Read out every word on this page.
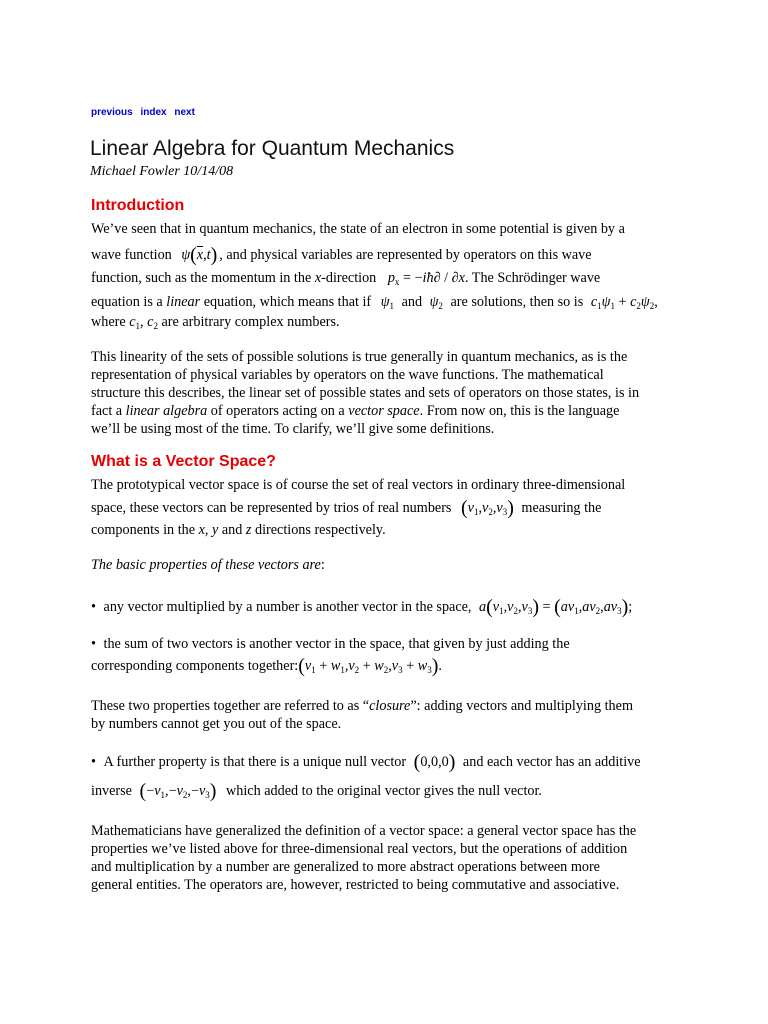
previous index next
Linear Algebra for Quantum Mechanics
Michael Fowler 10/14/08
Introduction
We’ve seen that in quantum mechanics, the state of an electron in some potential is given by a
wave function $\psi(\overline{x},t)$ , and physical variables are represented by operators on this wave
function, such as the momentum in the x-direction $p_x$ = −iħ∂ / ∂x. The Schrödinger wave
equation is a linear equation, which means that if $\psi_1$ and $\psi_2$ are solutions, then so is $c_1\psi_1 + c_2\psi_2$,
where $c_1$, $c_2$ are arbitrary complex numbers.
This linearity of the sets of possible solutions is true generally in quantum mechanics, as is the
representation of physical variables by operators on the wave functions. The mathematical
structure this describes, the linear set of possible states and sets of operators on those states, is in
fact a linear algebra of operators acting on a vector space. From now on, this is the language
we’ll be using most of the time. To clarify, we’ll give some definitions.
What is a Vector Space?
The prototypical vector space is of course the set of real vectors in ordinary three-dimensional
space, these vectors can be represented by trios of real numbers $(v_1,v_2,v_3)$ measuring the
components in the x, y and z directions respectively.
The basic properties of these vectors are:
• any vector multiplied by a number is another vector in the space, $a(v_1,v_2,v_3) = (av_1,av_2,av_3)$;
• the sum of two vectors is another vector in the space, that given by just adding the
corresponding components $together:(v_1 + w_1,v_2 + w_2,v_3 + w_3)$.
These two properties together are referred to as “closure”: adding vectors and multiplying them
by numbers cannot get you out of the space.
• A further property is that there is a unique null vector (0,0,0) and each vector has an additive
inverse $(-v_1,-v_2,-v_3)$ which added to the original vector gives the null vector.
Mathematicians have generalized the definition of a vector space: a general vector space has the
properties we’ve listed above for three-dimensional real vectors, but the operations of addition
and multiplication by a number are generalized to more abstract operations between more
general entities. The operators are, however, restricted to being commutative and associative.
